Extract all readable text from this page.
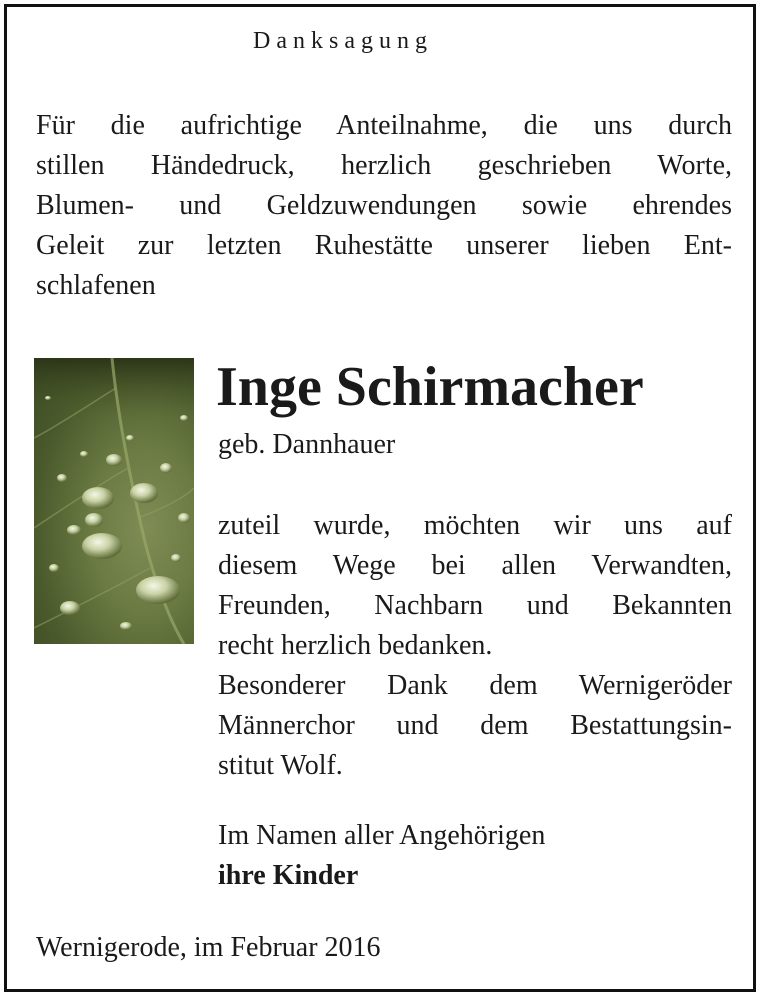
Danksagung
Für die aufrichtige Anteilnahme, die uns durch
stillen Händedruck, herzlich geschrieben Worte,
Blumen- und Geldzuwendungen sowie ehrendes
Geleit zur letzten Ruhestätte unserer lieben Ent-
schlafenen
Inge Schirmacher
geb. Dannhauer
zuteil wurde, möchten wir uns auf
diesem Wege bei allen Verwandten,
Freunden, Nachbarn und Bekannten
recht herzlich bedanken.
Besonderer Dank dem Wernigeröder
Männerchor und dem Bestattungsin-
stitut Wolf.
Im Namen aller Angehörigen
ihre Kinder
Wernigerode, im Februar 2016
